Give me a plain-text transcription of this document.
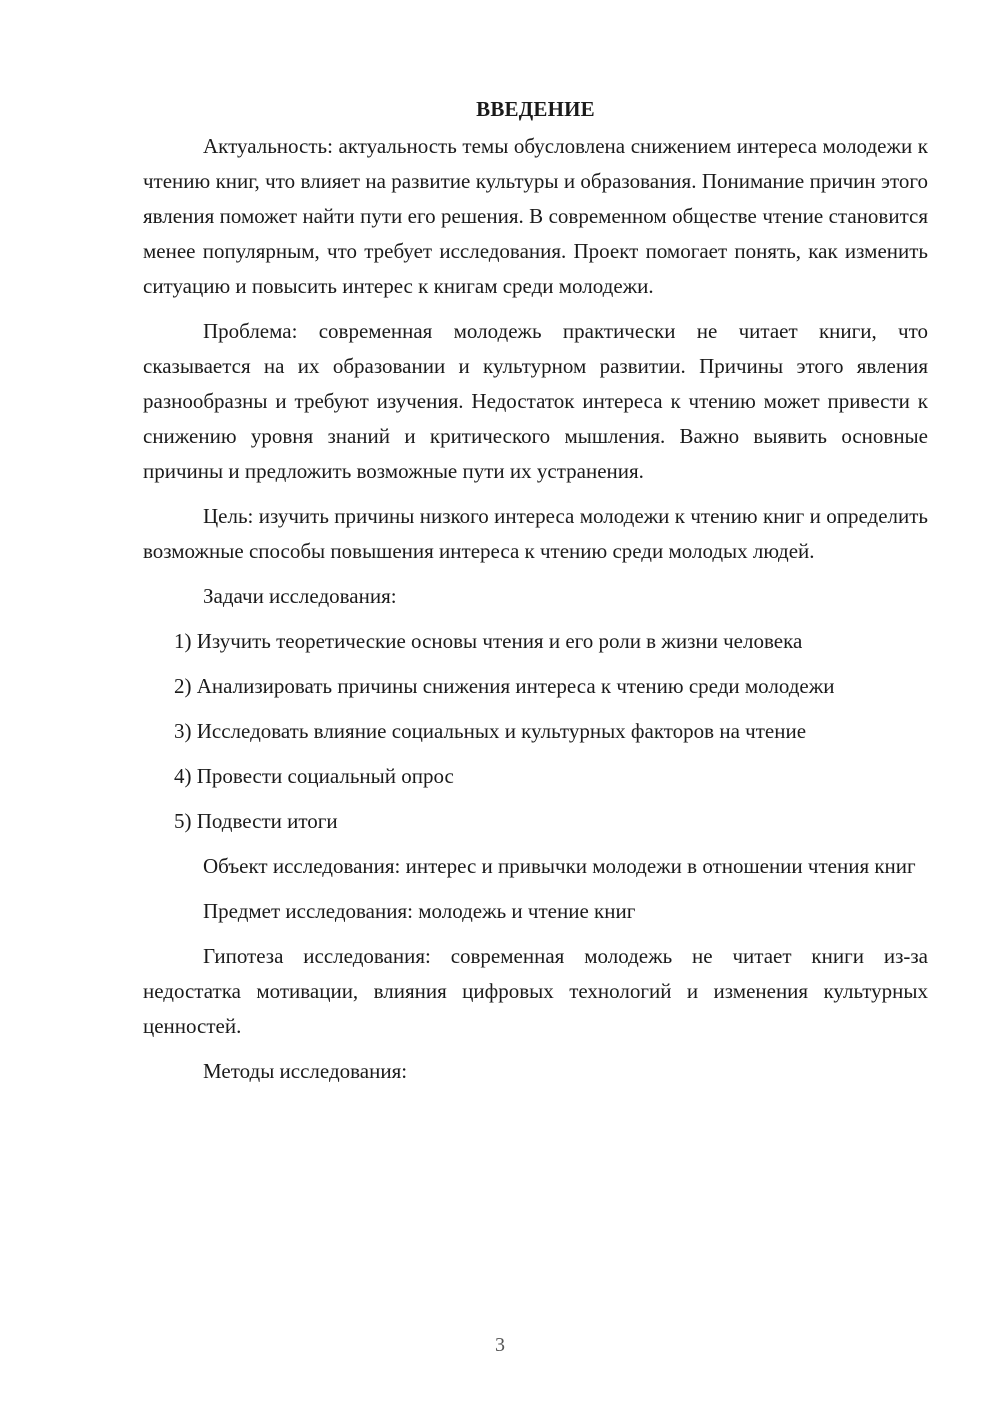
ВВЕДЕНИЕ

Актуальность: актуальность темы обусловлена снижением интереса молодежи к чтению книг, что влияет на развитие культуры и образования. Понимание причин этого явления поможет найти пути его решения. В современном обществе чтение становится менее популярным, что требует исследования. Проект помогает понять, как изменить ситуацию и повысить интерес к книгам среди молодежи.

Проблема: современная молодежь практически не читает книги, что сказывается на их образовании и культурном развитии. Причины этого явления разнообразны и требуют изучения. Недостаток интереса к чтению может привести к снижению уровня знаний и критического мышления. Важно выявить основные причины и предложить возможные пути их устранения.

Цель: изучить причины низкого интереса молодежи к чтению книг и определить возможные способы повышения интереса к чтению среди молодых людей.

Задачи исследования:

1) Изучить теоретические основы чтения и его роли в жизни человека

2) Анализировать причины снижения интереса к чтению среди молодежи

3) Исследовать влияние социальных и культурных факторов на чтение

4) Провести социальный опрос

5) Подвести итоги

Объект исследования: интерес и привычки молодежи в отношении чтения книг

Предмет исследования: молодежь и чтение книг

Гипотеза исследования: современная молодежь не читает книги из-за недостатка мотивации, влияния цифровых технологий и изменения культурных ценностей.

Методы исследования:

3
